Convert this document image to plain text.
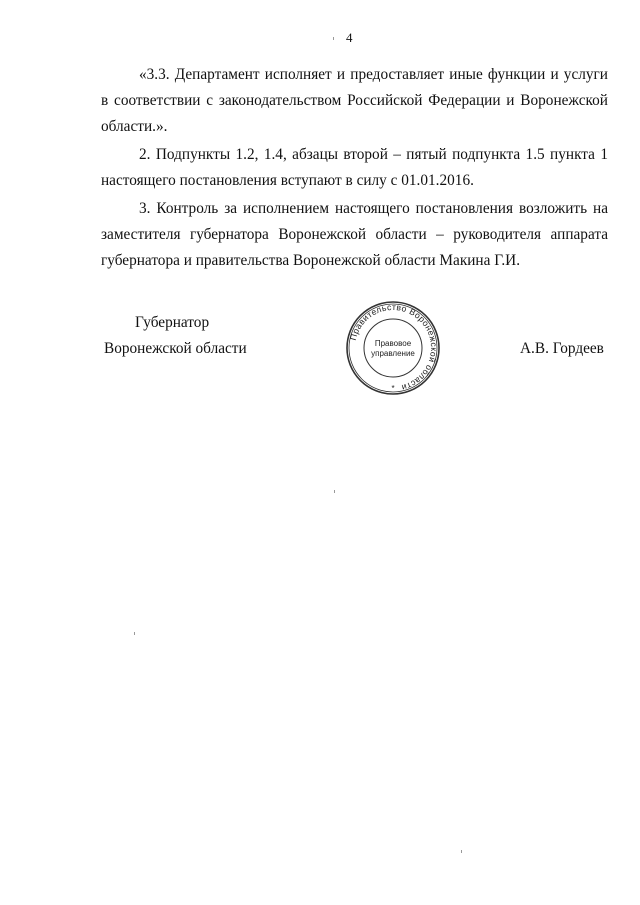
4

«3.3. Департамент исполняет и предоставляет иные функции и услуги в соответствии с законодательством Российской Федерации и Воронежской области.».

2. Подпункты 1.2, 1.4, абзацы второй – пятый подпункта 1.5 пункта 1 настоящего постановления вступают в силу с 01.01.2016.

3. Контроль за исполнением настоящего постановления возложить на заместителя губернатора Воронежской области – руководителя аппарата губернатора и правительства Воронежской области Макина Г.И.

Губернатор
Воронежской области	А.В. Гордеев
Правительство Воронежской области
Правовое
управление
*
